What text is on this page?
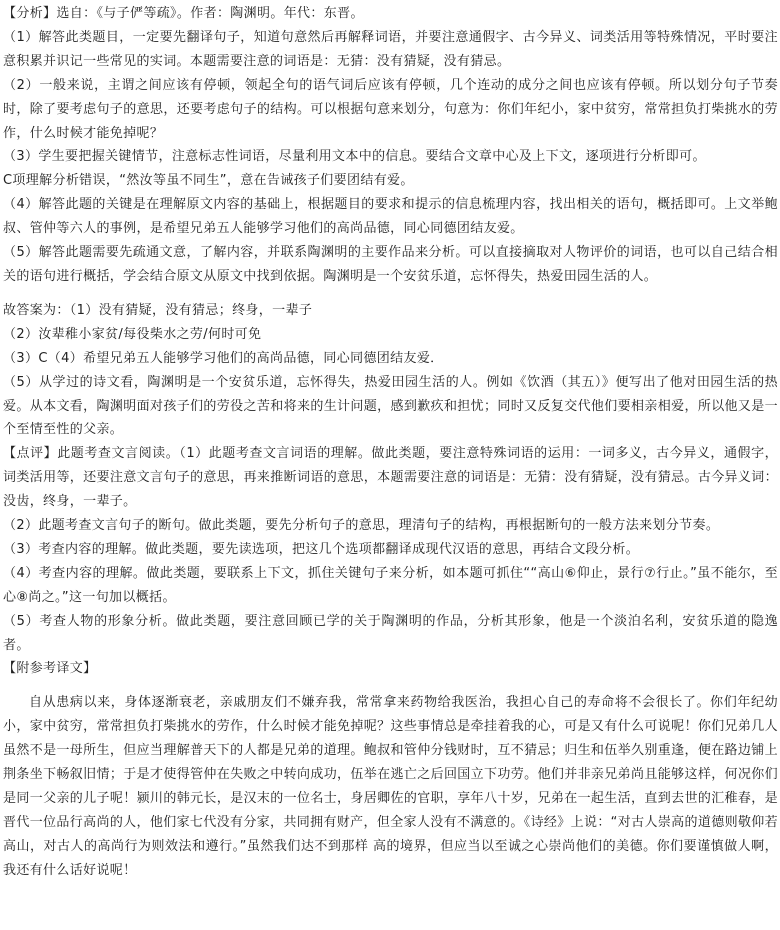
【分析】选自：《与子俨等疏》。作者：陶渊明。年代：东晋。

（1）解答此类题目，一定要先翻译句子，知道句意然后再解释词语，并要注意通假字、古今异义、词类活用等特殊情况，平时要注意积累并识记一些常见的实词。本题需要注意的词语是：无猜：没有猜疑，没有猜忌。

（2）一般来说，主谓之间应该有停顿，领起全句的语气词后应该有停顿，几个连动的成分之间也应该有停顿。所以划分句子节奏时，除了要考虑句子的意思，还要考虑句子的结构。可以根据句意来划分，句意为：你们年纪小，家中贫穷，常常担负打柴挑水的劳作，什么时候才能免掉呢？

（3）学生要把握关键情节，注意标志性词语，尽量利用文本中的信息。要结合文章中心及上下文，逐项进行分析即可。

C项理解分析错误，“然汝等虽不同生”，意在告诫孩子们要团结有爱。

（4）解答此题的关键是在理解原文内容的基础上，根据题目的要求和提示的信息梳理内容，找出相关的语句，概括即可。上文举鲍叔、管仲等六人的事例，是希望兄弟五人能够学习他们的高尚品德，同心同德团结友爱。

（5）解答此题需要先疏通文意，了解内容，并联系陶渊明的主要作品来分析。可以直接摘取对人物评价的词语，也可以自己结合相关的语句进行概括，学会结合原文从原文中找到依据。陶渊明是一个安贫乐道，忘怀得失，热爱田园生活的人。

故答案为：（1）没有猜疑，没有猜忌；终身，一辈子

（2）汝辈稚小家贫/每役柴水之劳/何时可免

（3）C（4）希望兄弟五人能够学习他们的高尚品德，同心同德团结友爱．

（5）从学过的诗文看，陶渊明是一个安贫乐道，忘怀得失，热爱田园生活的人。例如《饮酒（其五）》便写出了他对田园生活的热爱。从本文看，陶渊明面对孩子们的劳役之苦和将来的生计问题，感到歉疚和担忧；同时又反复交代他们要相亲相爱，所以他又是一个至情至性的父亲。

【点评】此题考查文言阅读。（1）此题考查文言词语的理解。做此类题，要注意特殊词语的运用：一词多义，古今异义，通假字，词类活用等，还要注意文言句子的意思，再来推断词语的意思，本题需要注意的词语是：无猜：没有猜疑，没有猜忌。古今异义词：没齿，终身，一辈子。

（2）此题考查文言句子的断句。做此类题，要先分析句子的意思，理清句子的结构，再根据断句的一般方法来划分节奏。

（3）考查内容的理解。做此类题，要先读选项，把这几个选项都翻译成现代汉语的意思，再结合文段分析。

（4）考查内容的理解。做此类题，要联系上下文，抓住关键句子来分析，如本题可抓住““高山⑥仰止，景行⑦行止。”虽不能尔，至心⑧尚之。”这一句加以概括。

（5）考查人物的形象分析。做此类题，要注意回顾已学的关于陶渊明的作品，分析其形象，他是一个淡泊名利，安贫乐道的隐逸者。

【附参考译文】

自从患病以来，身体逐渐衰老，亲戚朋友们不嫌弃我，常常拿来药物给我医治，我担心自己的寿命将不会很长了。你们年纪幼小，家中贫穷，常常担负打柴挑水的劳作，什么时候才能免掉呢？这些事情总是牵挂着我的心，可是又有什么可说呢！你们兄弟几人虽然不是一母所生，但应当理解普天下的人都是兄弟的道理。鲍叔和管仲分钱财时，互不猜忌；归生和伍举久别重逢，便在路边铺上荆条坐下畅叙旧情；于是才使得管仲在失败之中转向成功，伍举在逃亡之后回国立下功劳。他们并非亲兄弟尚且能够这样，何况你们是同一父亲的儿子呢！颍川的韩元长，是汉末的一位名士，身居卿佐的官职，享年八十岁，兄弟在一起生活，直到去世的汇稚春，是晋代一位品行高尚的人，他们家七代没有分家，共同拥有财产，但全家人没有不满意的。《诗经》上说：“对古人崇高的道德则敬仰若高山，对古人的高尚行为则效法和遵行。”虽然我们达不到那样 高的境界，但应当以至诚之心崇尚他们的美德。你们要谨慎做人啊，我还有什么话好说呢！
